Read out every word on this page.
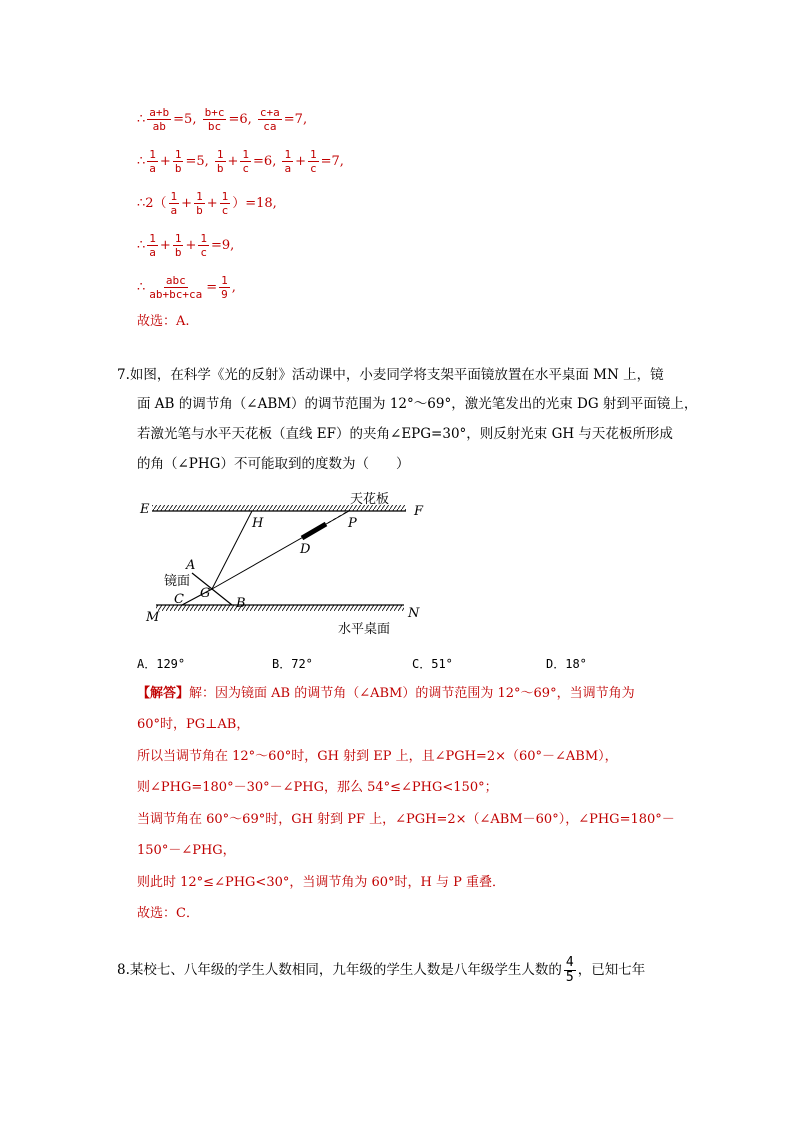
∴ $\frac{a+b}{ab} =5$, $\frac{b+c}{bc} =6$, $\frac{c+a}{ca} =7$,
∴ $\frac{1}{a} + \frac{1}{b} =5$, $\frac{1}{b} + \frac{1}{c} =6$, $\frac{1}{a} + \frac{1}{c} =7$,
∴2（ $\frac{1}{a} + \frac{1}{b} + \frac{1}{c} )=18$,
∴ $\frac{1}{a} + \frac{1}{b} + \frac{1}{c} =9$,
∴ $\frac{\text{abc}}{ab+bc+ca} = \frac{1}{9}$ ,
故选：A.
7.如图，在科学《光的反射》活动课中，小麦同学将支架平面镜放置在水平桌面 MN 上，镜
面 AB 的调节角（∠ABM）的调节范围为 12°～69°，激光笔发出的光束 DG 射到平面镜上，
若激光笔与水平天花板（直线 EF）的夹角∠EPG=30°，则反射光束 GH 与天花板所形成
的角（∠PHG）不可能取到的度数为（　　）
E	F
H	P
D
A
G
C	B
M	N
天花板
镜面
水平桌面
A．129°	B．72°	C．51°	D．18°
【解答】解：因为镜面 AB 的调节角（∠ABM）的调节范围为 12°～69°，当调节角为
60°时，PG⊥AB，
所以当调节角在 12°～60°时，GH 射到 EP 上，且∠PGH=2×（60°－∠ABM），
则∠PHG=180°－30°－∠PHG，那么 54°≤∠PHG<150°；
当调节角在 60°～69°时，GH 射到 PF 上，∠PGH=2×（∠ABM－60°），∠PHG=180°－
150°－∠PHG，
则此时 12°≤∠PHG<30°，当调节角为 60°时，H 与 P 重叠．
故选：C．
8.某校七、八年级的学生人数相同，九年级的学生人数是八年级学生人数的 $\frac{4}{5}$ ，已知七年
